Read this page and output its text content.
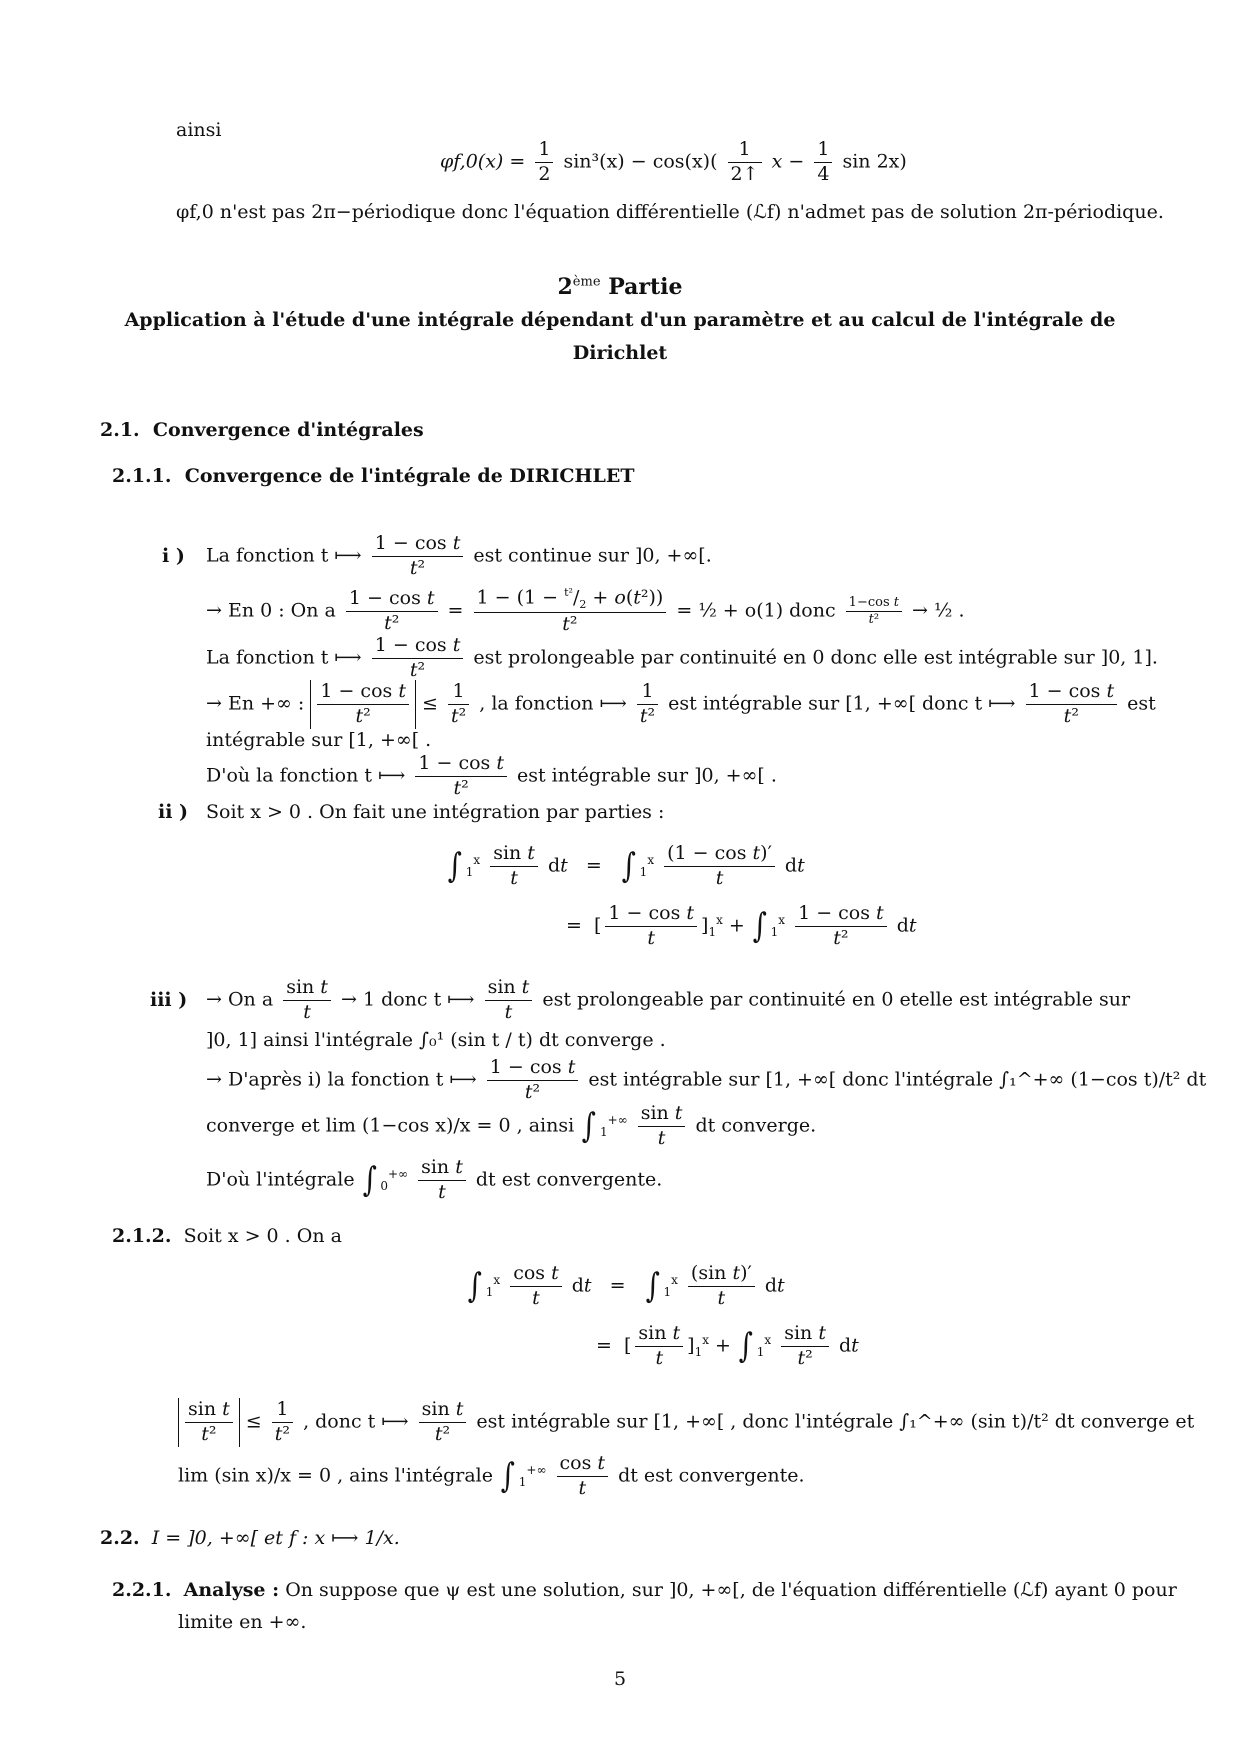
ainsi
$\varphi f,0(x) = \frac{1}{2} \sin^3(x) - \cos(x)( \frac{1}{2↑}$ $x - \frac{1}{4}$ sin 2x)
φf,0 n'est pas 2π−périodique donc l'équation différentielle (ℒf) n'admet pas de solution 2π-périodique.
2ème Partie
Application à l'étude d'une intégrale dépendant d'un paramètre et au calcul de l'intégrale de
Dirichlet
2.1. Convergence d'intégrales
2.1.1. Convergence de l'intégrale de DIRICHLET
i ) La fonction t ⟼ $\frac{\text{1 − cos t}}{\text{t²}}$ est continue sur ]0, +∞[.
→ En 0 : On a $\frac{\text{1 − cos t}}{\text{t²}} = \frac{1 - (1 - ^{t^2}/_2 + o(t^2))}{\text{t²}}$ = ½ + o(1) donc $\frac{\text{1−cos t}}{\text{t²}}$ → ½ .
La fonction t ⟼ $\frac{\text{1 − cos t}}{\text{t²}}$ est prolongeable par continuité en 0 donc elle est intégrable sur ]0, 1].
→ En +∞ : $\frac{\text{1 − cos t}}{\text{t²}} \le \frac{1}{\text{t²}}$ , la fonction ⟼ $\frac{1}{\text{t²}}$ est intégrable sur [1, +∞[ donc t ⟼ $\frac{\text{1 − cos t}}{\text{t²}}$ est
intégrable sur [1, +∞[ .
D'où la fonction t ⟼ $\frac{\text{1 − cos t}}{\text{t²}}$ est intégrable sur ]0, +∞[ .
ii ) Soit x > 0 . On fait une intégration par parties :
∫ $_1^x \frac{\text{sin t}}{t}$ dt   =   ∫ $_1^x \frac{\text{(1 − cos t)′}}{t}$ dt
=  [ $\frac{\text{1 − cos t}}{t} ]_1^x$ + ∫ $_1^x \frac{\text{1 − cos t}}{\text{t²}}$ dt
iii ) → On a $\frac{\text{sin t}}{t} \to 1$ donc t ⟼ $\frac{\text{sin t}}{t}$ est prolongeable par continuité en 0 etelle est intégrable sur
]0, 1] ainsi l'intégrale ∫₀¹ (sin t / t) dt converge .
→ D'après i) la fonction t ⟼ $\frac{\text{1 − cos t}}{\text{t²}}$ est intégrable sur [1, +∞[ donc l'intégrale ∫₁^+∞ (1−cos t)/t² dt
converge et lim (1−cos x)/x = 0 , ainsi ∫ $_1^{+\infty} \frac{\text{sin t}}{t}$ dt converge.
D'où l'intégrale ∫ $_0^{+\infty} \frac{\text{sin t}}{t}$ dt est convergente.
2.1.2. Soit x > 0 . On a
∫ $_1^x \frac{\text{cos t}}{t}$ dt   =   ∫ $_1^x \frac{\text{(sin t)′}}{t}$ dt
=  [ $\frac{\text{sin t}}{t} ]_1^x$ + ∫ $_1^x \frac{\text{sin t}}{\text{t²}}$ dt
$\frac{\text{sin t}}{\text{t²}} \le \frac{1}{\text{t²}}$ , donc t ⟼ $\frac{\text{sin t}}{\text{t²}}$ est intégrable sur [1, +∞[ , donc l'intégrale ∫₁^+∞ (sin t)/t² dt converge et
lim (sin x)/x = 0 , ains l'intégrale ∫ $_1^{+\infty} \frac{\text{cos t}}{t}$ dt est convergente.
2.2. I = ]0, +∞[ et f : x ⟼ 1/x.
2.2.1. Analyse : On suppose que ψ est une solution, sur ]0, +∞[, de l'équation différentielle (ℒf) ayant 0 pour
limite en +∞.
5
